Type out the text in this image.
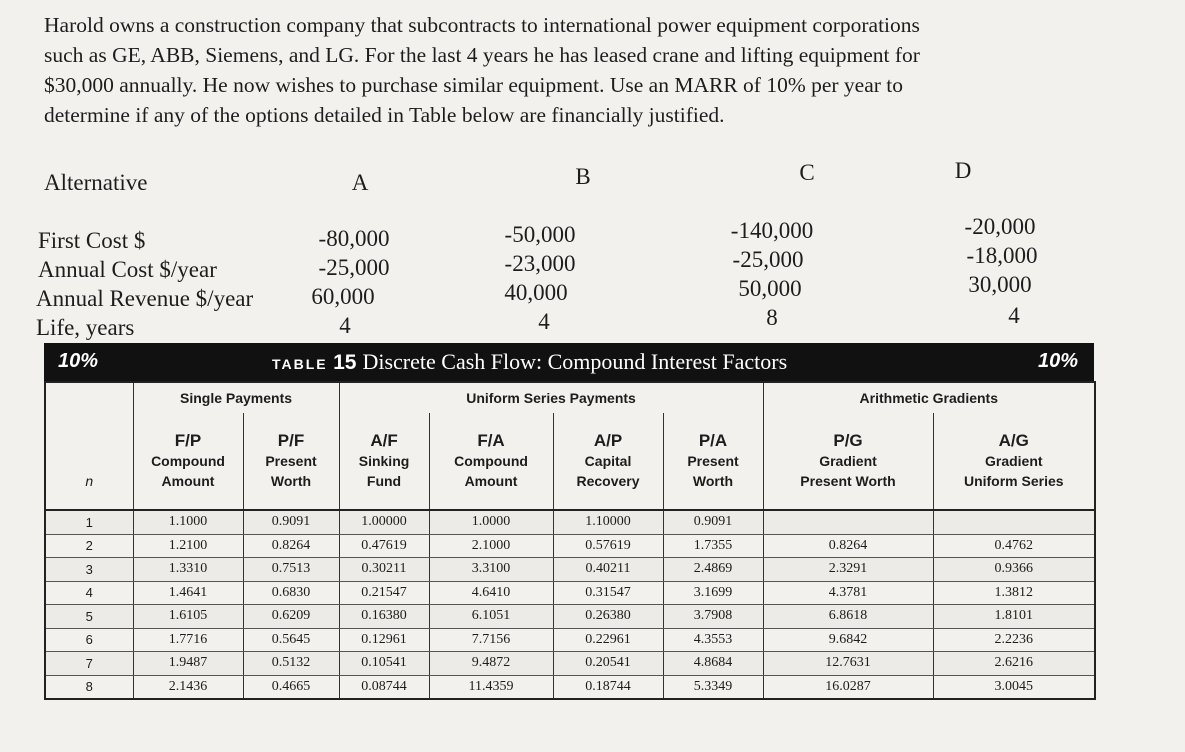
Harold owns a construction company that subcontracts to international power equipment corporations

such as GE, ABB, Siemens, and LG. For the last 4 years he has leased crane and lifting equipment for

$30,000 annually. He now wishes to purchase similar equipment. Use an MARR of 10% per year to

determine if any of the options detailed in Table below are financially justified.

Alternative	A	B	C	D
First Cost $	-80,000	-50,000	-140,000	-20,000
Annual Cost $/year	-25,000	-23,000	-25,000	-18,000
Annual Revenue $/year	60,000	40,000	50,000	30,000
Life, years	4	4	8	4
10%	TABLE 15 Discrete Cash Flow: Compound Interest Factors	10%
	Single Payments		Uniform Series Payments				Arithmetic Gradients	

n	F/P
Compound
Amount	P/F
Present
Worth	A/F
Sinking
Fund	F/A
Compound
Amount	A/P
Capital
Recovery	P/A
Present
Worth	P/G
Gradient
Present Worth	A/G
Gradient
Uniform Series

1	1.1000	0.9091	1.00000	1.0000	1.10000	0.9091		
2	1.2100	0.8264	0.47619	2.1000	0.57619	1.7355	0.8264	0.4762
3	1.3310	0.7513	0.30211	3.3100	0.40211	2.4869	2.3291	0.9366
4	1.4641	0.6830	0.21547	4.6410	0.31547	3.1699	4.3781	1.3812
5	1.6105	0.6209	0.16380	6.1051	0.26380	3.7908	6.8618	1.8101
6	1.7716	0.5645	0.12961	7.7156	0.22961	4.3553	9.6842	2.2236
7	1.9487	0.5132	0.10541	9.4872	0.20541	4.8684	12.7631	2.6216
8	2.1436	0.4665	0.08744	11.4359	0.18744	5.3349	16.0287	3.0045
